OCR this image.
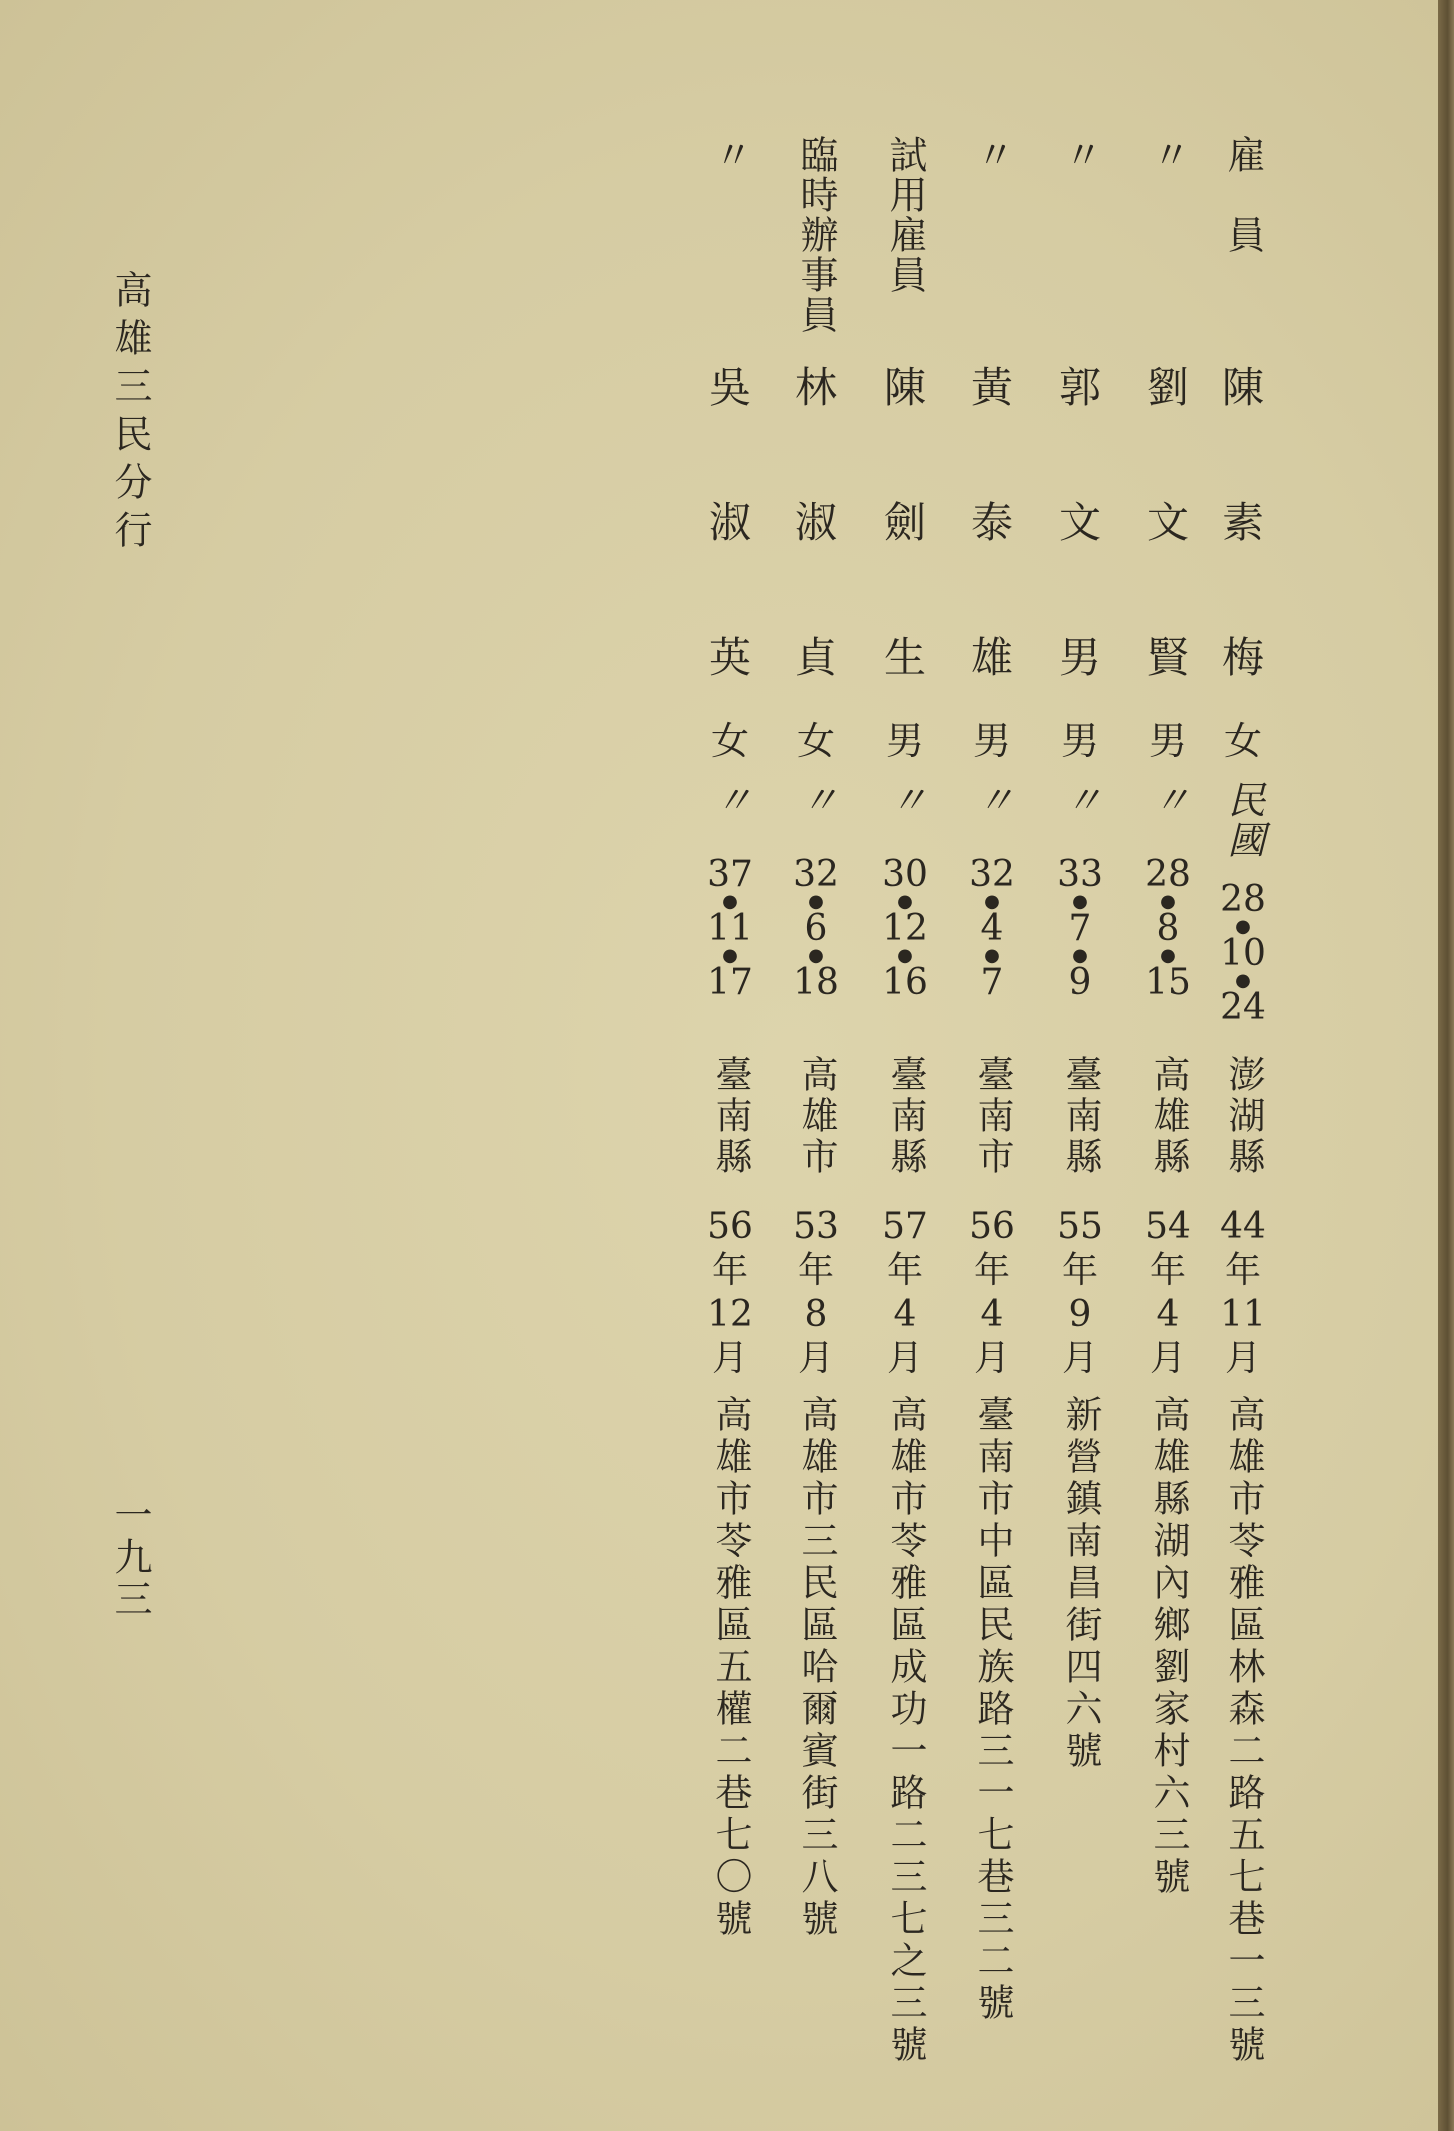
高雄三民分行
一九三
雇　員
陳
素
梅
女
民國
28
●
10
●
24
澎湖縣
44
年
11
月
高雄市苓雅區林森二路五七巷一三號
〃
劉
文
賢
男
〃
28
●
8
●
15
高雄縣
54
年
4
月
高雄縣湖內鄉劉家村六三號
〃
郭
文
男
男
〃
33
●
7
●
9
臺南縣
55
年
9
月
新營鎮南昌街四六號
〃
黃
泰
雄
男
〃
32
●
4
●
7
臺南市
56
年
4
月
臺南市中區民族路三一七巷三二號
試用雇員
陳
劍
生
男
〃
30
●
12
●
16
臺南縣
57
年
4
月
高雄市苓雅區成功一路二三七之三號
臨時辦事員
林
淑
貞
女
〃
32
●
6
●
18
高雄市
53
年
8
月
高雄市三民區哈爾賓街三八號
〃
吳
淑
英
女
〃
37
●
11
●
17
臺南縣
56
年
12
月
高雄市苓雅區五權二巷七〇號
